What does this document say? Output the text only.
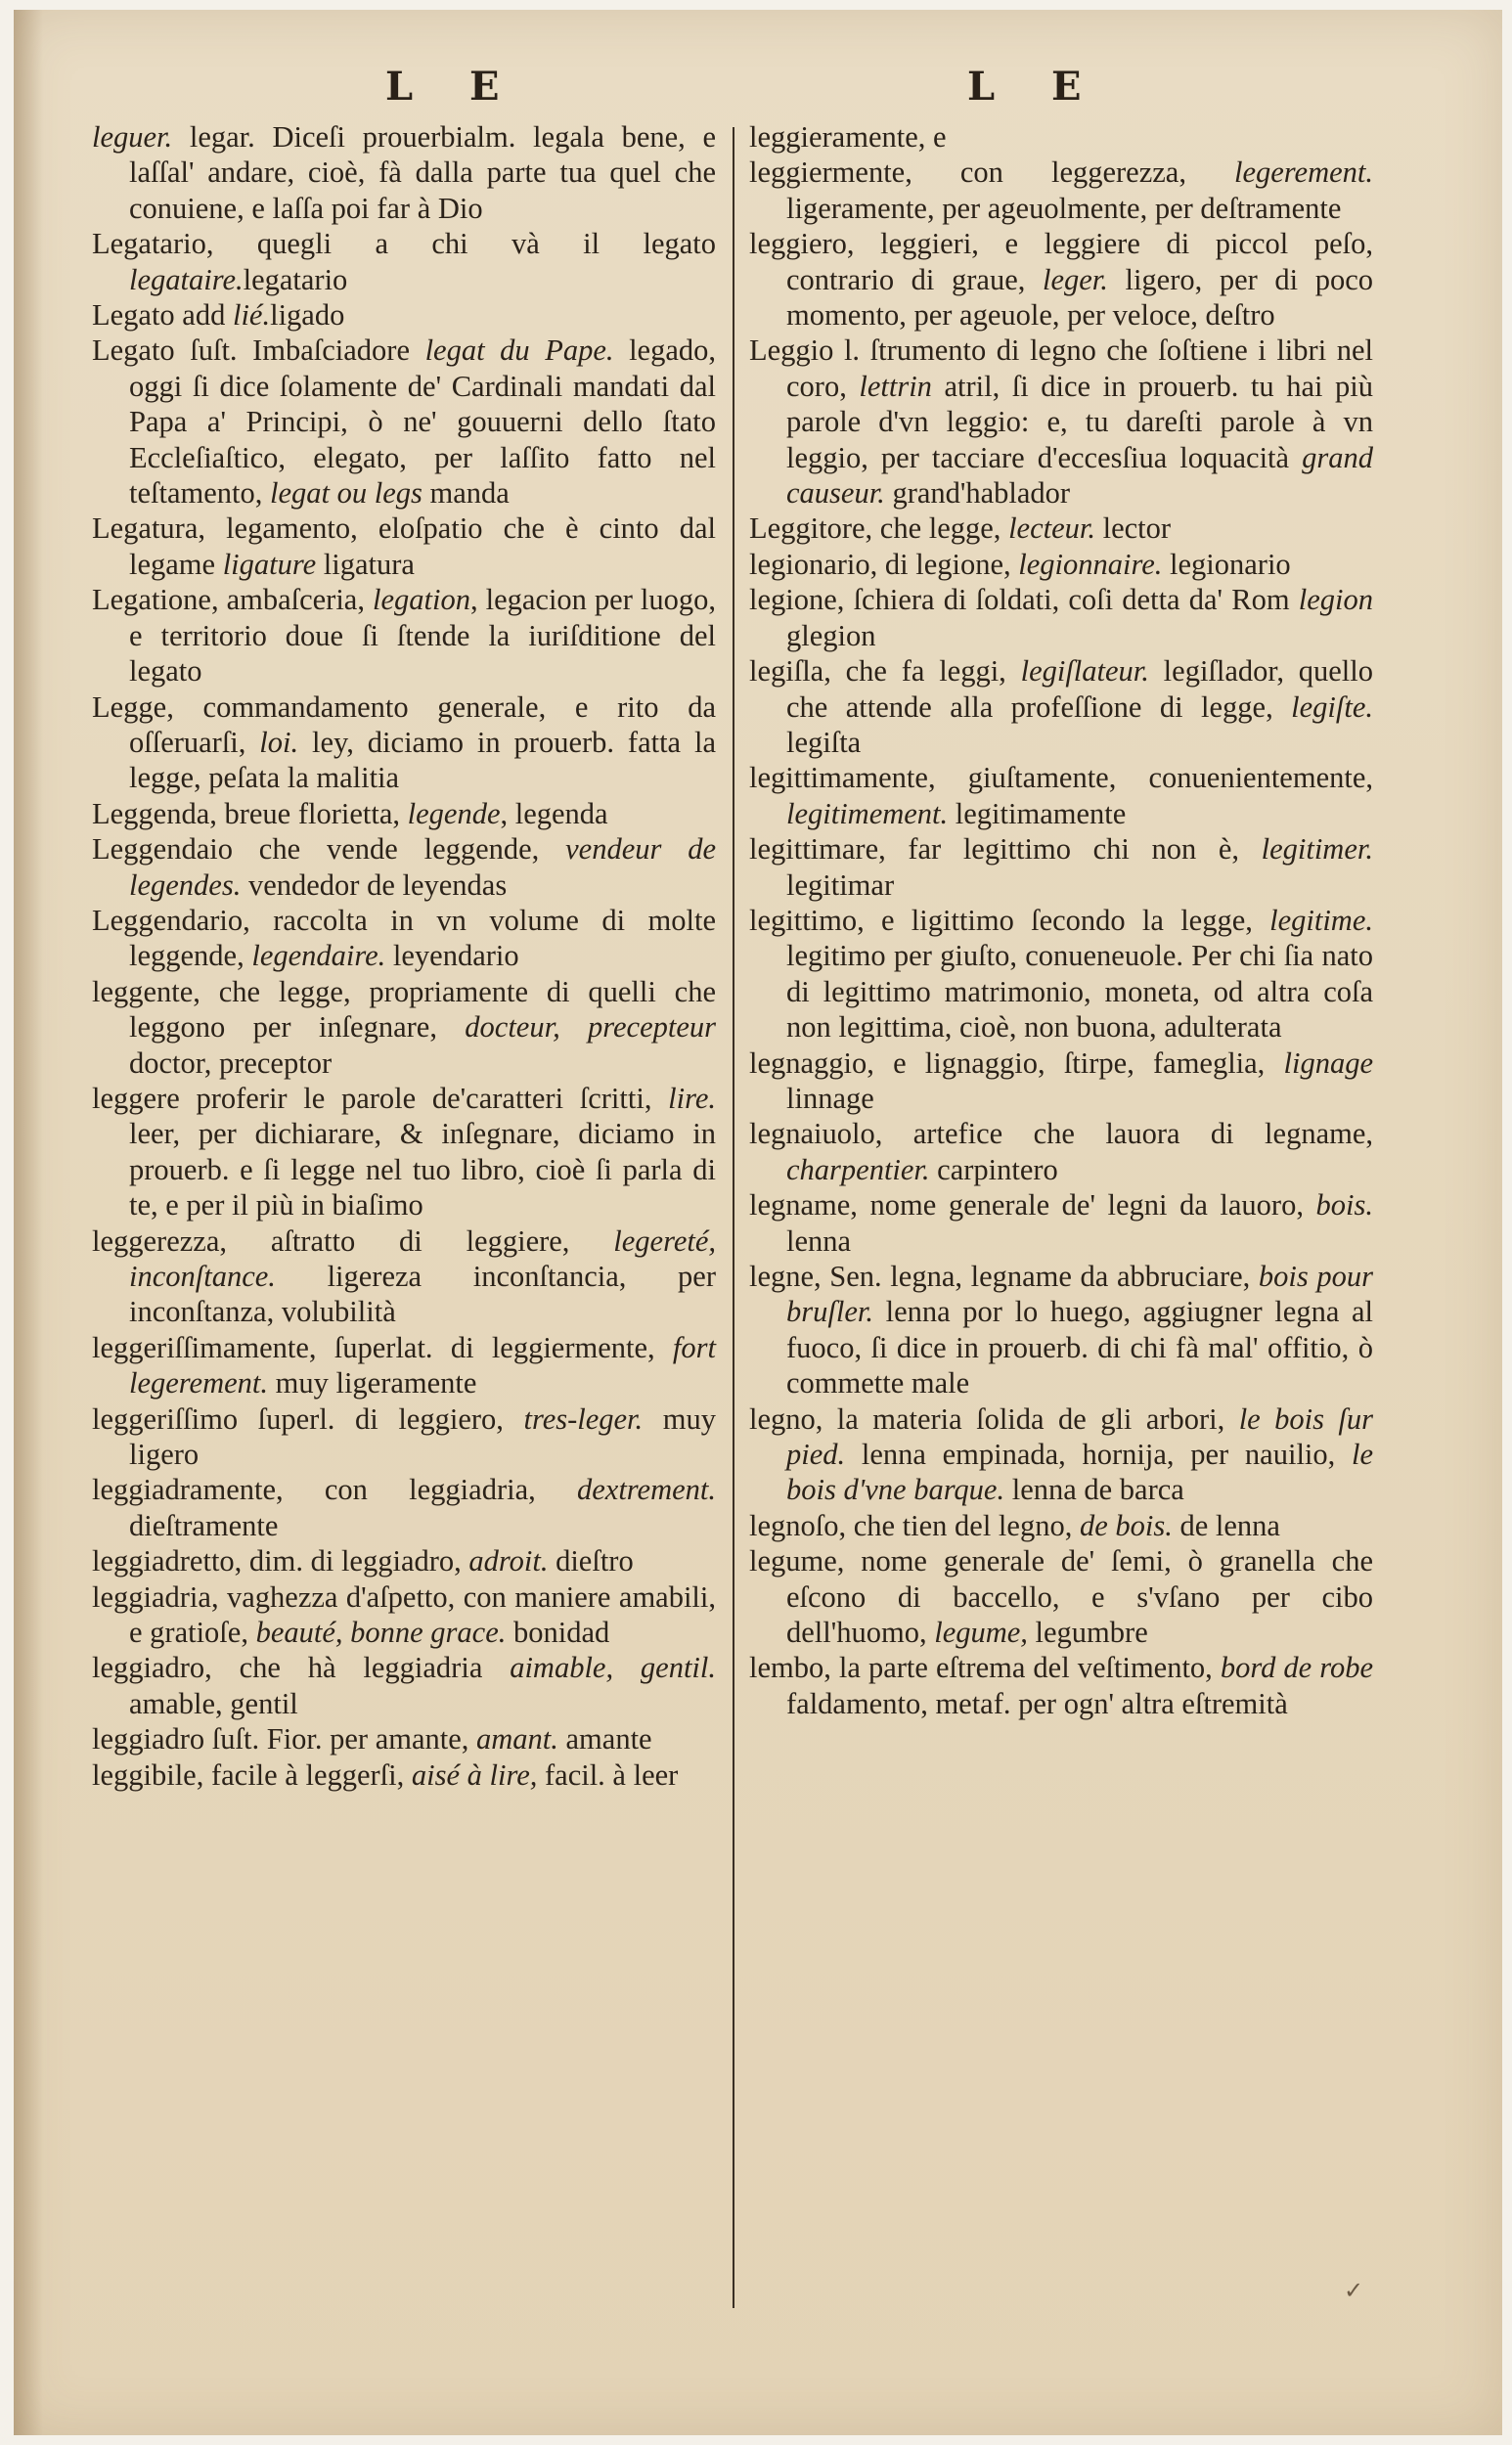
L E	L E

leguer. legar. Diceſi prouerbialm. legala bene, e laſſal' andare, cioè, fà dalla parte tua quel che conuiene, e laſſa poi far à Dio

Legatario, quegli a chi và il legato legataire.legatario

Legato add lié.ligado

Legato ſuſt. Imbaſciadore legat du Pape. legado, oggi ſi dice ſolamente de' Cardinali mandati dal Papa a' Principi, ò ne' gouuerni dello ſtato Eccleſiaſtico, elegato, per laſſito fatto nel teſtamento, legat ou legs manda

Legatura, legamento, eloſpatio che è cinto dal legame ligature ligatura

Legatione, ambaſceria, legation, legacion per luogo, e territorio doue ſi ſtende la iuriſditione del legato

Legge, commandamento generale, e rito da oſſeruarſi, loi. ley, diciamo in prouerb. fatta la legge, peſata la malitia

Leggenda, breue florietta, legende, legenda

Leggendaio che vende leggende, vendeur de legendes. vendedor de leyendas

Leggendario, raccolta in vn volume di molte leggende, legendaire. leyendario

leggente, che legge, propriamente di quelli che leggono per inſegnare, docteur, precepteur doctor, preceptor

leggere proferir le parole de'caratteri ſcritti, lire. leer, per dichiarare, & inſegnare, diciamo in prouerb. e ſi legge nel tuo libro, cioè ſi parla di te, e per il più in biaſimo

leggerezza, aſtratto di leggiere, legereté, inconſtance. ligereza inconſtancia, per inconſtanza, volubilità

leggeriſſimamente, ſuperlat. di leggiermente, fort legerement. muy ligeramente

leggeriſſimo ſuperl. di leggiero, tres-leger. muy ligero

leggiadramente, con leggiadria, dextrement. dieſtramente

leggiadretto, dim. di leggiadro, adroit. dieſtro

leggiadria, vaghezza d'aſpetto, con maniere amabili, e gratioſe, beauté, bonne grace. bonidad

leggiadro, che hà leggiadria aimable, gentil. amable, gentil

leggiadro ſuſt. Fior. per amante, amant. amante

leggibile, facile à leggerſi, aisé à lire, facil. à leer

leggieramente, e

leggiermente, con leggerezza, legerement. ligeramente, per ageuolmente, per deſtramente

leggiero, leggieri, e leggiere di piccol peſo, contrario di graue, leger. ligero, per di poco momento, per ageuole, per veloce, deſtro

Leggio l. ſtrumento di legno che ſoſtiene i libri nel coro, lettrin atril, ſi dice in prouerb. tu hai più parole d'vn leggio: e, tu dareſti parole à vn leggio, per tacciare d'eccesſiua loquacità grand causeur. grand'hablador

Leggitore, che legge, lecteur. lector

legionario, di legione, legionnaire. legionario

legione, ſchiera di ſoldati, coſi detta da' Rom legion glegion

legiſla, che fa leggi, legiſlateur. legiſlador, quello che attende alla profeſſione di legge, legiſte. legiſta

legittimamente, giuſtamente, conuenientemente, legitimement. legitimamente

legittimare, far legittimo chi non è, legitimer. legitimar

legittimo, e ligittimo ſecondo la legge, legitime. legitimo per giuſto, conueneuole. Per chi ſia nato di legittimo matrimonio, moneta, od altra coſa non legittima, cioè, non buona, adulterata

legnaggio, e lignaggio, ſtirpe, fameglia, lignage linnage

legnaiuolo, artefice che lauora di legname, charpentier. carpintero

legname, nome generale de' legni da lauoro, bois. lenna

legne, Sen. legna, legname da abbruciare, bois pour bruſler. lenna por lo huego, aggiugner legna al fuoco, ſi dice in prouerb. di chi fà mal' offitio, ò commette male

legno, la materia ſolida de gli arbori, le bois ſur pied. lenna empinada, hornija, per nauilio, le bois d'vne barque. lenna de barca

legnoſo, che tien del legno, de bois. de lenna

legume, nome generale de' ſemi, ò granella che eſcono di baccello, e s'vſano per cibo dell'huomo, legume, legumbre

lembo, la parte eſtrema del veſtimento, bord de robe faldamento, metaf. per ogn' altra eſtremità

✓
